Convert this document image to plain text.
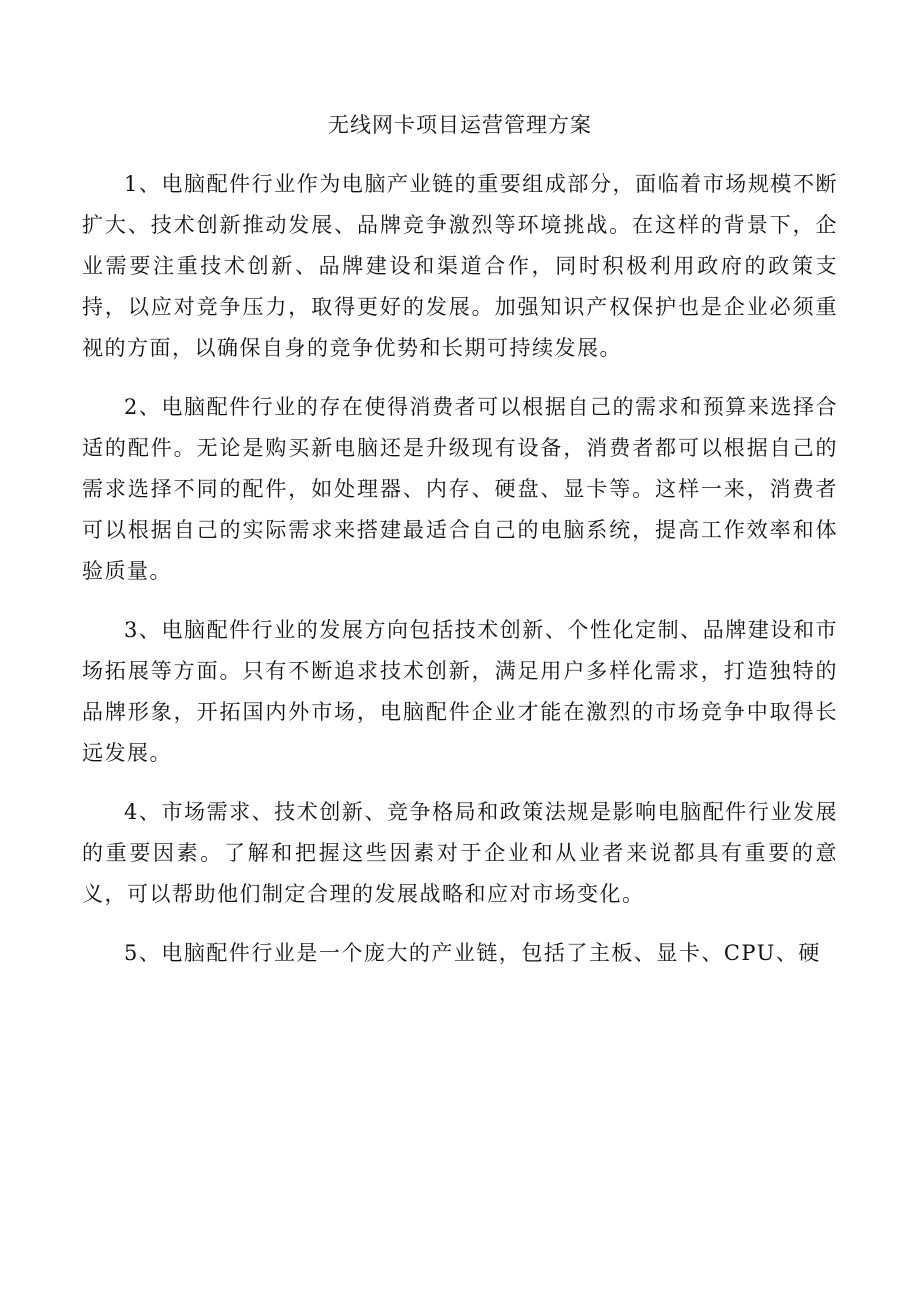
无线网卡项目运营管理方案

1、电脑配件行业作为电脑产业链的重要组成部分，面临着市场规模不断扩大、技术创新推动发展、品牌竞争激烈等环境挑战。在这样的背景下，企业需要注重技术创新、品牌建设和渠道合作，同时积极利用政府的政策支持，以应对竞争压力，取得更好的发展。加强知识产权保护也是企业必须重视的方面，以确保自身的竞争优势和长期可持续发展。

2、电脑配件行业的存在使得消费者可以根据自己的需求和预算来选择合适的配件。无论是购买新电脑还是升级现有设备，消费者都可以根据自己的需求选择不同的配件，如处理器、内存、硬盘、显卡等。这样一来，消费者可以根据自己的实际需求来搭建最适合自己的电脑系统，提高工作效率和体验质量。

3、电脑配件行业的发展方向包括技术创新、个性化定制、品牌建设和市场拓展等方面。只有不断追求技术创新，满足用户多样化需求，打造独特的品牌形象，开拓国内外市场，电脑配件企业才能在激烈的市场竞争中取得长远发展。

4、市场需求、技术创新、竞争格局和政策法规是影响电脑配件行业发展的重要因素。了解和把握这些因素对于企业和从业者来说都具有重要的意义，可以帮助他们制定合理的发展战略和应对市场变化。

5、电脑配件行业是一个庞大的产业链，包括了主板、显卡、CPU、硬
